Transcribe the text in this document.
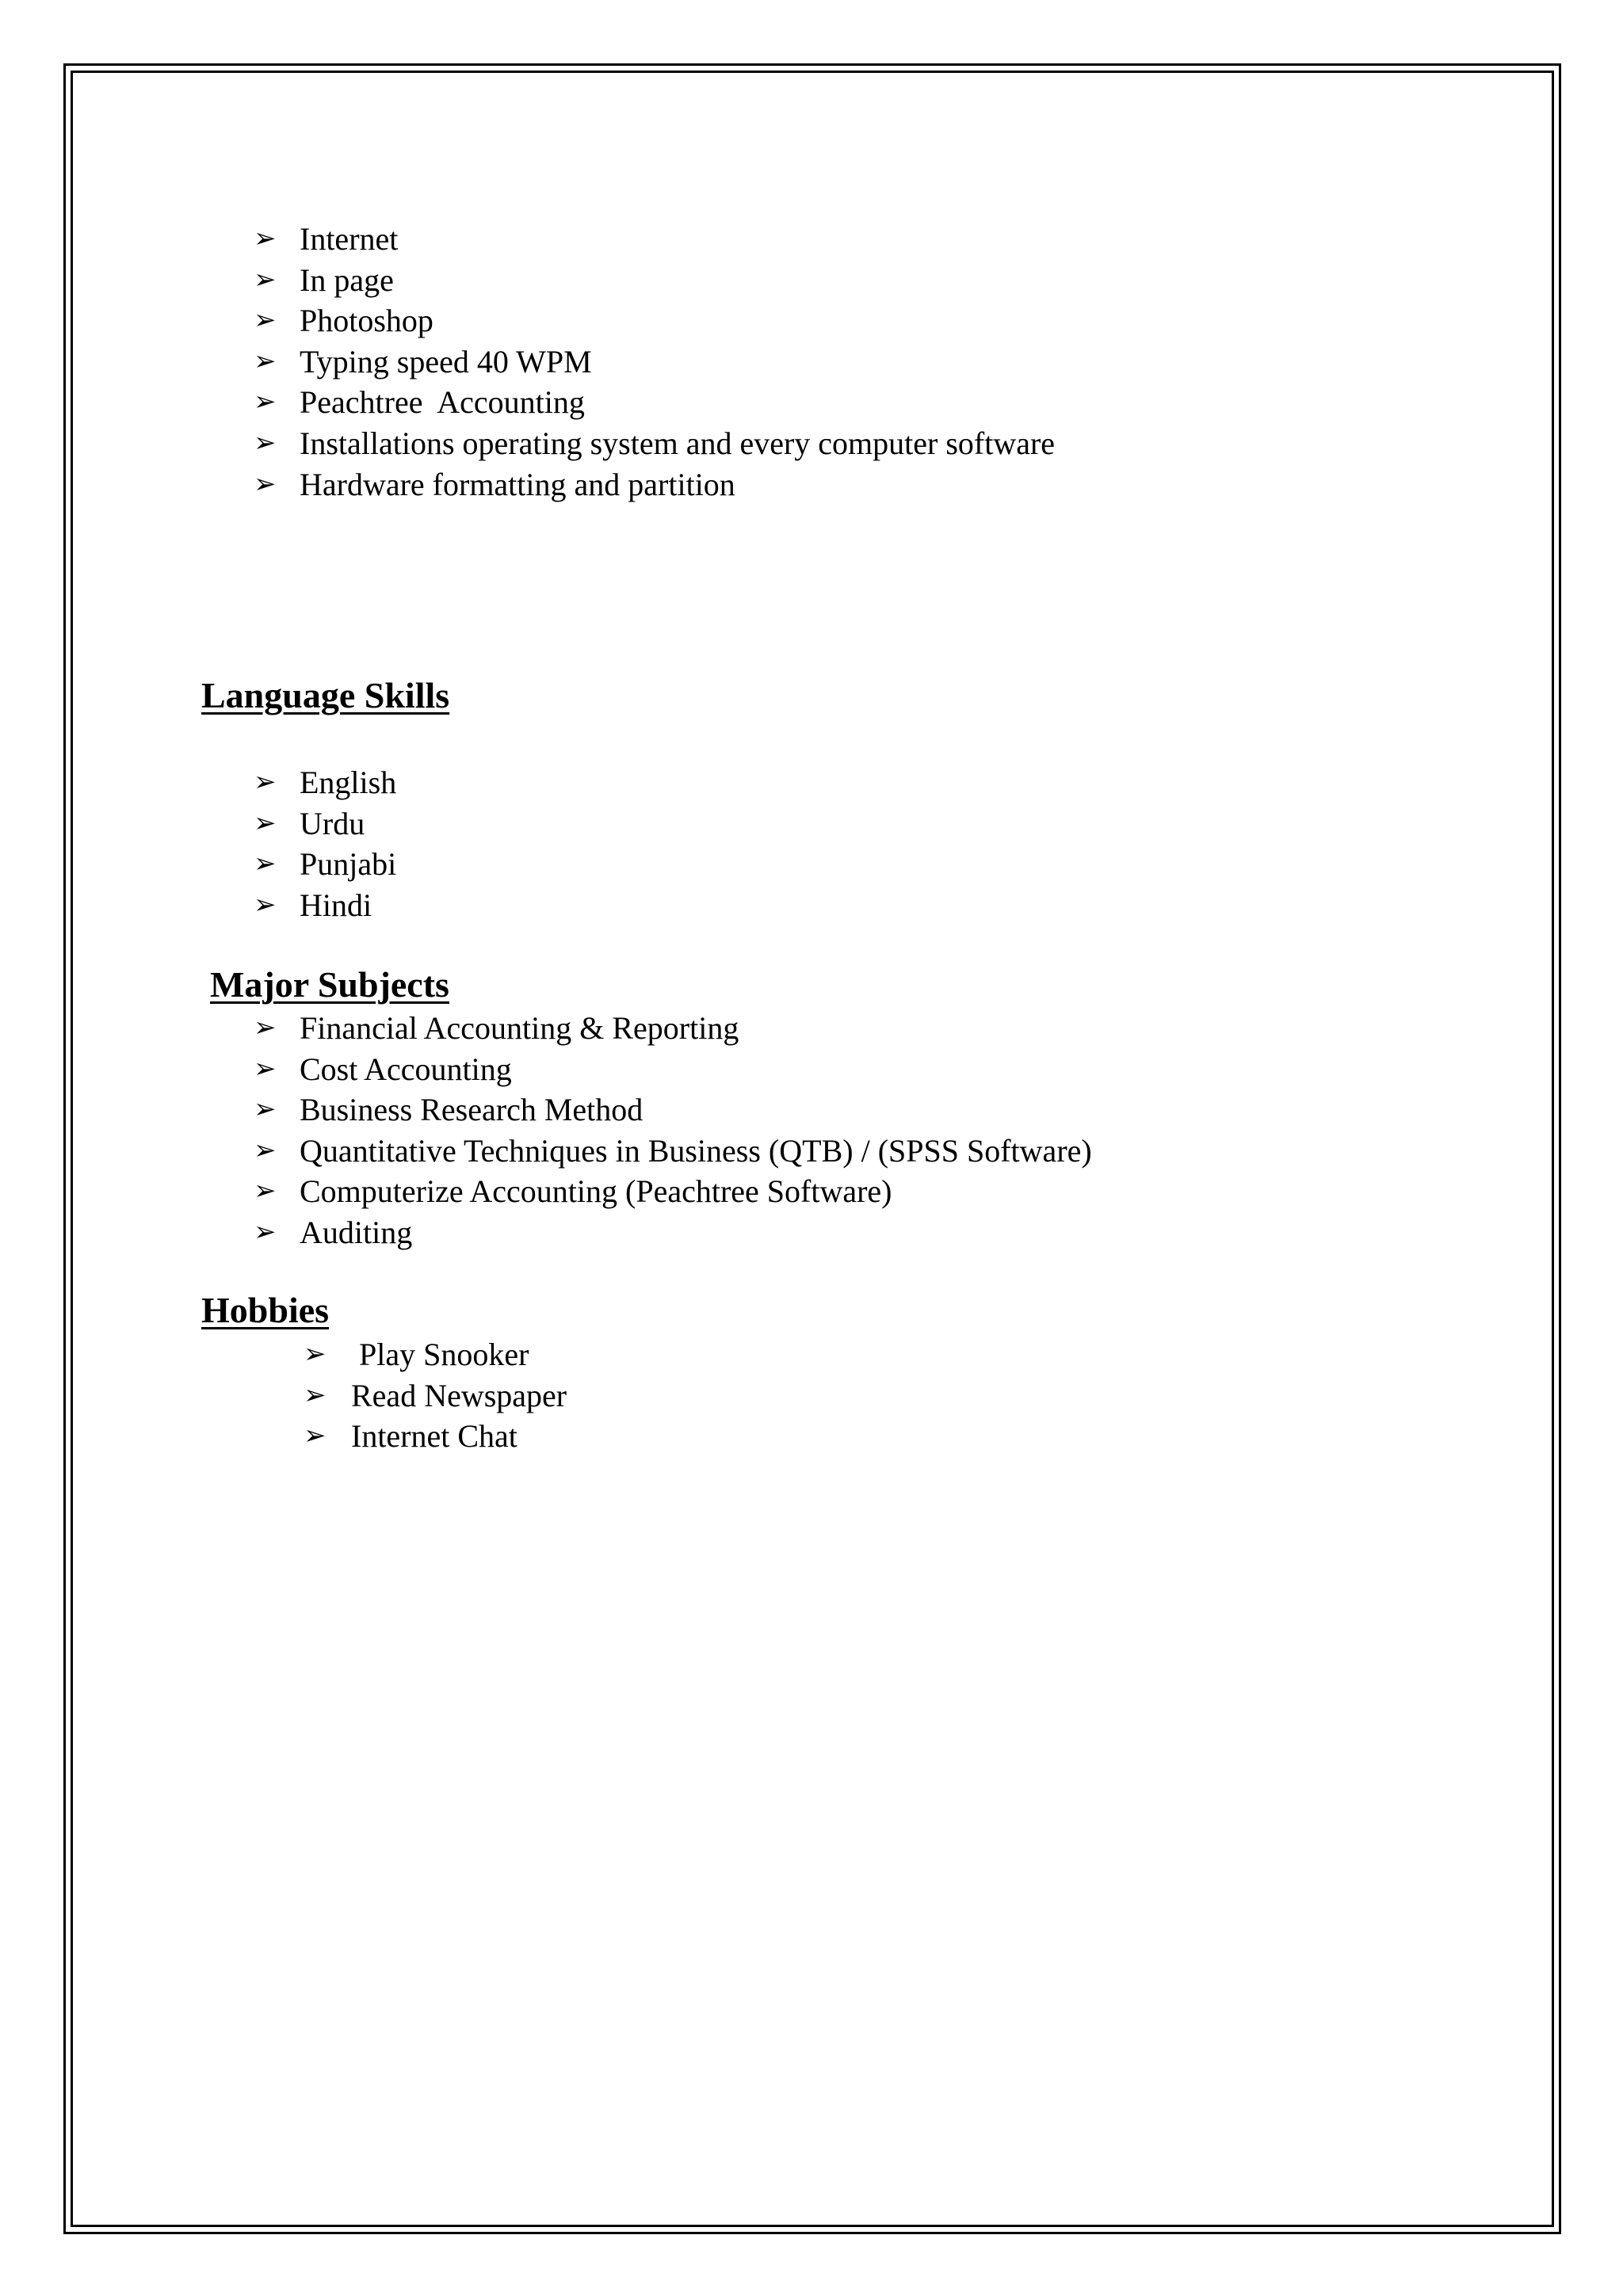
➢ Internet
➢ In page
➢ Photoshop
➢ Typing speed 40 WPM
➢ Peachtree  Accounting
➢ Installations operating system and every computer software
➢ Hardware formatting and partition
Language Skills
➢ English
➢ Urdu
➢ Punjabi
➢ Hindi
Major Subjects
➢ Financial Accounting & Reporting
➢ Cost Accounting
➢ Business Research Method
➢ Quantitative Techniques in Business (QTB) / (SPSS Software)
➢ Computerize Accounting (Peachtree Software)
➢ Auditing
Hobbies
➢ Play Snooker
➢ Read Newspaper
➢ Internet Chat
